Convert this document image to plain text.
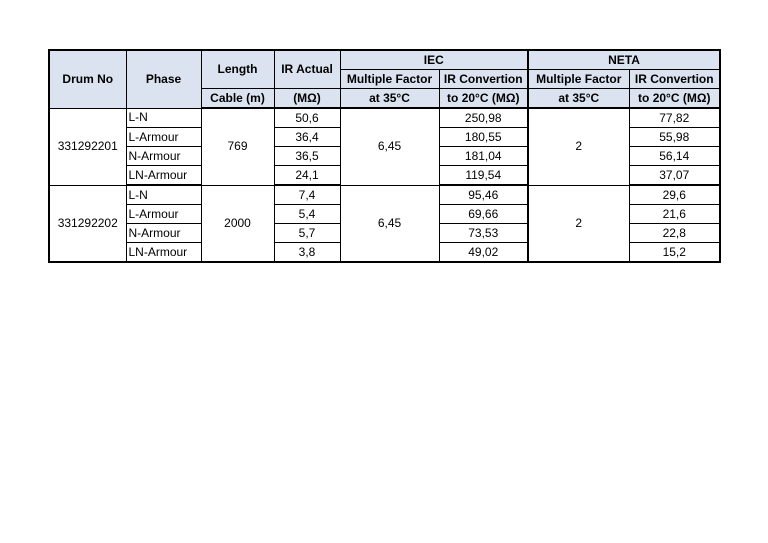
Drum No	Phase	Length	IR Actual	IEC		NETA	
				Multiple Factor	IR Convertion	Multiple Factor	IR Convertion
		Cable (m)	(MΩ)	at 35°C	to 20°C (MΩ)	at 35°C	to 20°C (MΩ)
331292201	L-N	769	50,6	6,45	250,98	2	77,82
	L-Armour		36,4		180,55		55,98
	N-Armour		36,5		181,04		56,14
	LN-Armour		24,1		119,54		37,07
331292202	L-N	2000	7,4	6,45	95,46	2	29,6
	L-Armour		5,4		69,66		21,6
	N-Armour		5,7		73,53		22,8
	LN-Armour		3,8		49,02		15,2
